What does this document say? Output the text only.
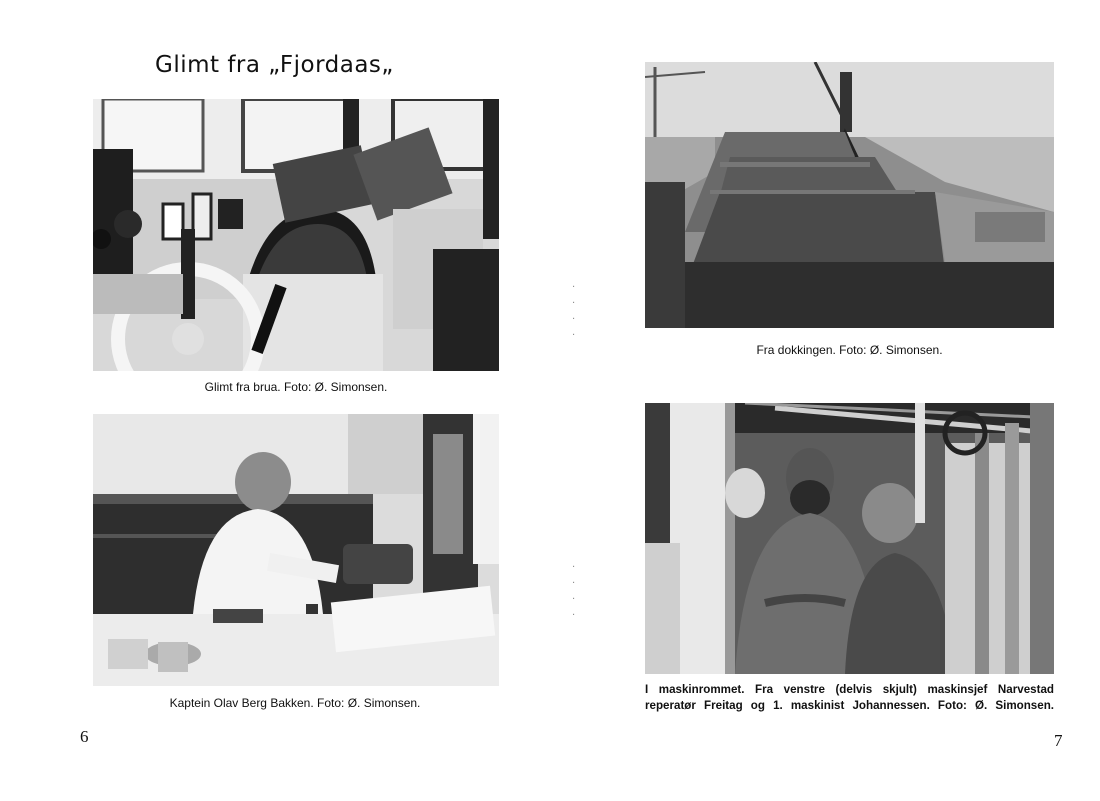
Glimt fra „Fjordaas„
Glimt fra brua. Foto: Ø. Simonsen.
Kaptein Olav Berg Bakken. Foto: Ø. Simonsen.
Fra dokkingen. Foto: Ø. Simonsen.
I maskinrommet. Fra venstre (delvis skjult) maskinsjef Narvestad
reperatør Freitag og 1. maskinist Johannessen. Foto: Ø. Simonsen.
·
·
·
·
·
·
·
·
6	7
